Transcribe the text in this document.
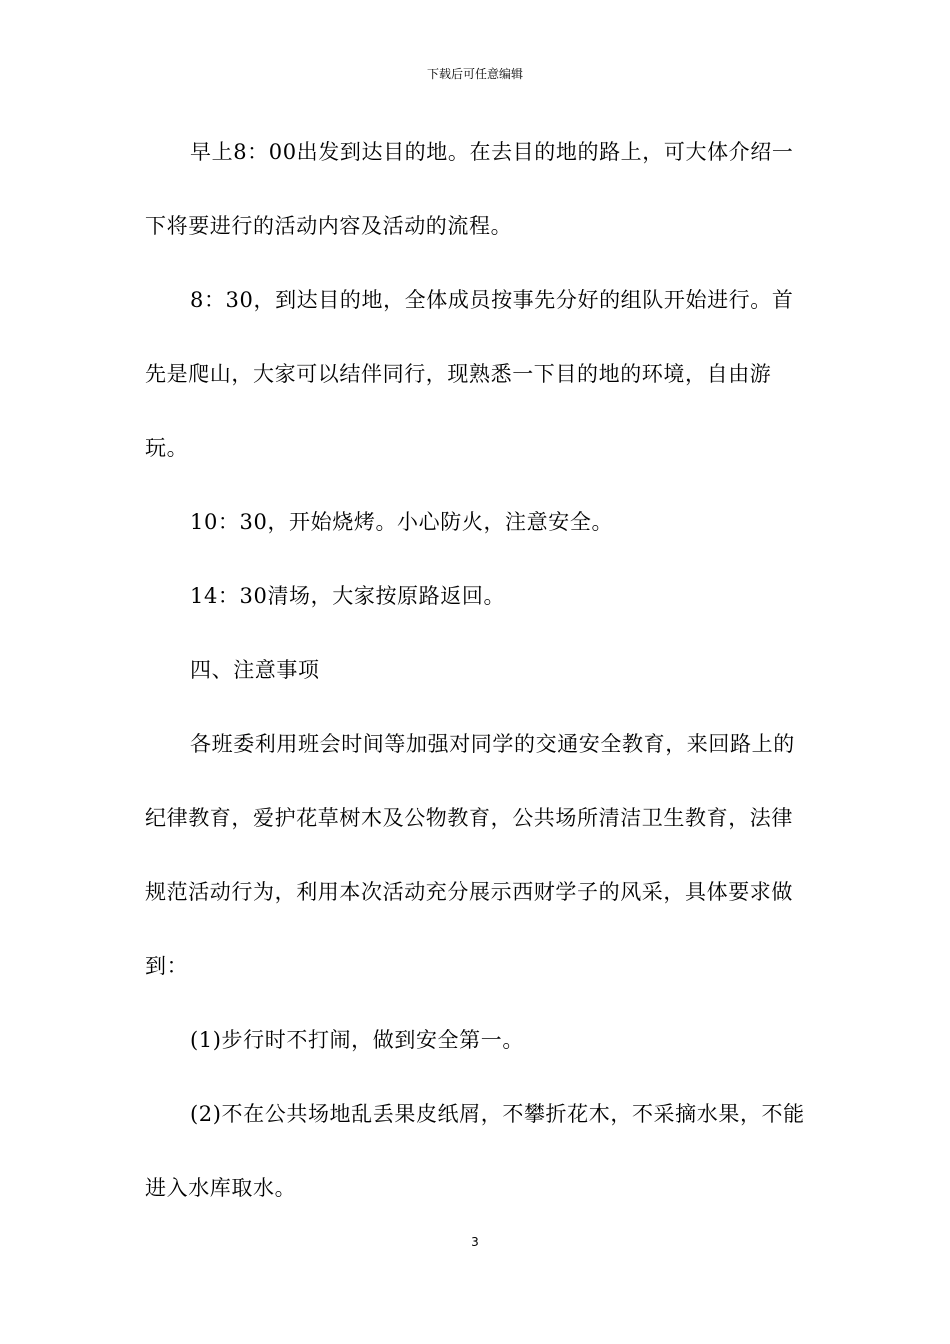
下载后可任意编辑

早上8：00出发到达目的地。在去目的地的路上，可大体介绍一下将要进行的活动内容及活动的流程。

8：30，到达目的地，全体成员按事先分好的组队开始进行。首先是爬山，大家可以结伴同行，现熟悉一下目的地的环境，自由游玩。

10：30，开始烧烤。小心防火，注意安全。

14：30清场，大家按原路返回。

四、注意事项

各班委利用班会时间等加强对同学的交通安全教育，来回路上的纪律教育，爱护花草树木及公物教育，公共场所清洁卫生教育，法律规范活动行为，利用本次活动充分展示西财学子的风采，具体要求做到：

(1)步行时不打闹，做到安全第一。

(2)不在公共场地乱丢果皮纸屑，不攀折花木，不采摘水果，不能进入水库取水。

3
